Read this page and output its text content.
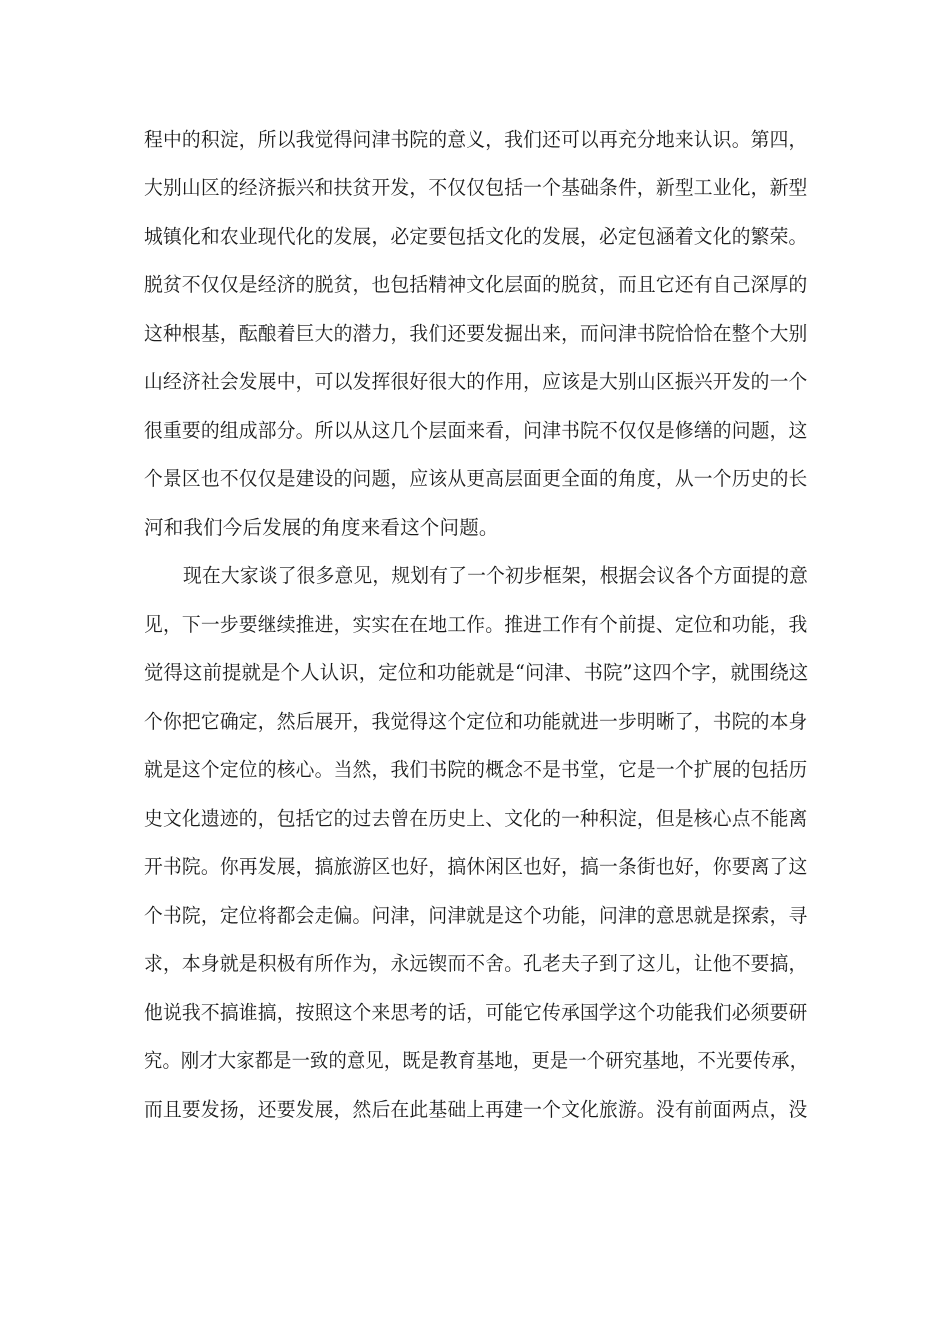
程中的积淀，所以我觉得问津书院的意义，我们还可以再充分地来认识。第四，
大别山区的经济振兴和扶贫开发，不仅仅包括一个基础条件，新型工业化，新型
城镇化和农业现代化的发展，必定要包括文化的发展，必定包涵着文化的繁荣。
脱贫不仅仅是经济的脱贫，也包括精神文化层面的脱贫，而且它还有自己深厚的
这种根基，酝酿着巨大的潜力，我们还要发掘出来，而问津书院恰恰在整个大别
山经济社会发展中，可以发挥很好很大的作用，应该是大别山区振兴开发的一个
很重要的组成部分。所以从这几个层面来看，问津书院不仅仅是修缮的问题，这
个景区也不仅仅是建设的问题，应该从更高层面更全面的角度，从一个历史的长
河和我们今后发展的角度来看这个问题。
现在大家谈了很多意见，规划有了一个初步框架，根据会议各个方面提的意
见，下一步要继续推进，实实在在地工作。推进工作有个前提、定位和功能，我
觉得这前提就是个人认识，定位和功能就是“问津、书院”这四个字，就围绕这
个你把它确定，然后展开，我觉得这个定位和功能就进一步明晰了，书院的本身
就是这个定位的核心。当然，我们书院的概念不是书堂，它是一个扩展的包括历
史文化遗迹的，包括它的过去曾在历史上、文化的一种积淀，但是核心点不能离
开书院。你再发展，搞旅游区也好，搞休闲区也好，搞一条街也好，你要离了这
个书院，定位将都会走偏。问津，问津就是这个功能，问津的意思就是探索，寻
求，本身就是积极有所作为，永远锲而不舍。孔老夫子到了这儿，让他不要搞，
他说我不搞谁搞，按照这个来思考的话，可能它传承国学这个功能我们必须要研
究。刚才大家都是一致的意见，既是教育基地，更是一个研究基地，不光要传承，
而且要发扬，还要发展，然后在此基础上再建一个文化旅游。没有前面两点，没
